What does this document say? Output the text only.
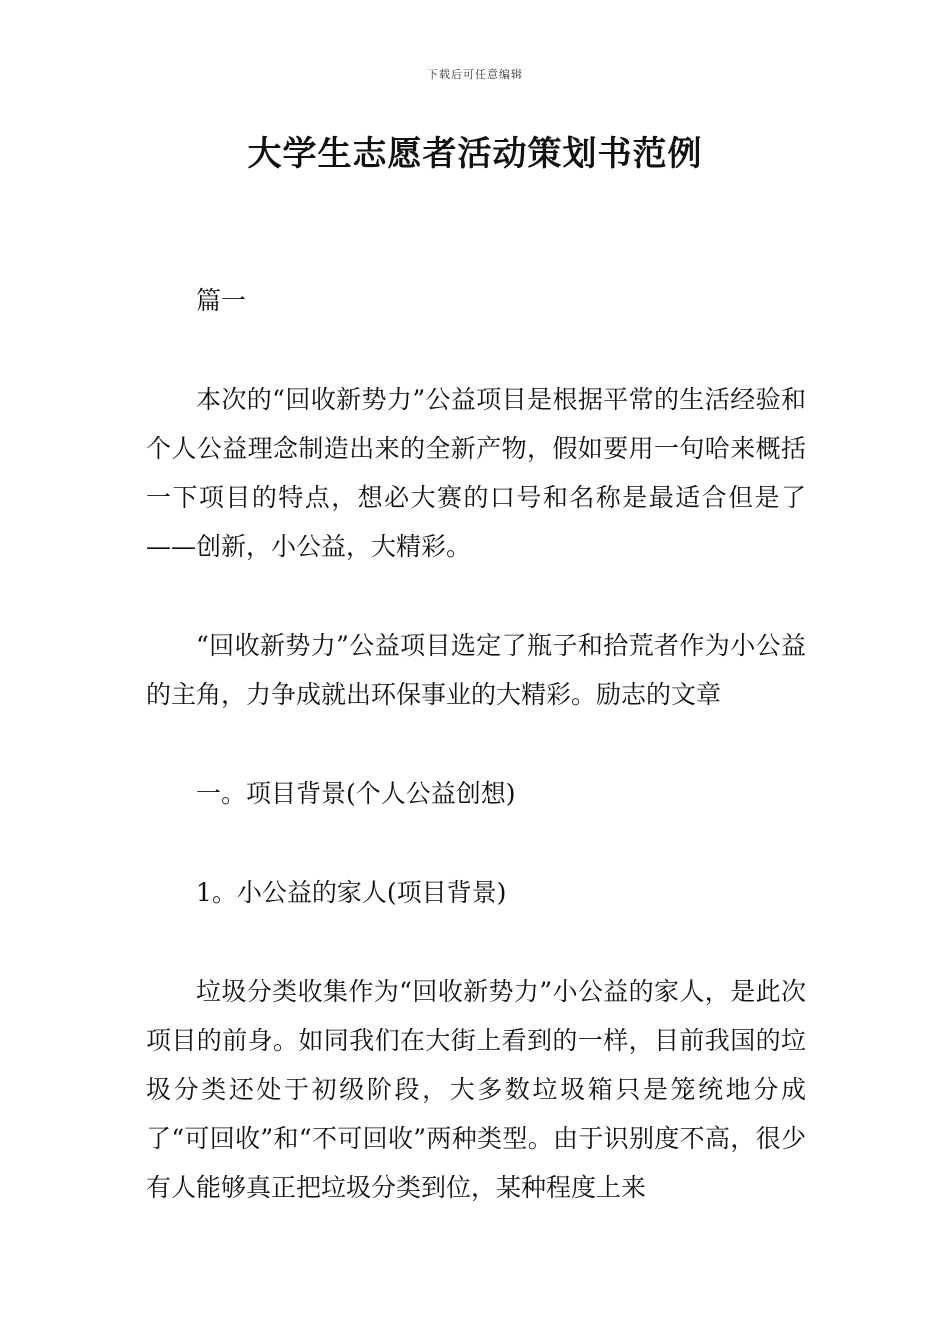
下载后可任意编辑
大学生志愿者活动策划书范例

篇一

本次的“回收新势力”公益项目是根据平常的生活经验和个人公益理念制造出来的全新产物，假如要用一句哈来概括一下项目的特点，想必大赛的口号和名称是最适合但是了——创新，小公益，大精彩。

“回收新势力”公益项目选定了瓶子和拾荒者作为小公益的主角，力争成就出环保事业的大精彩。励志的文章

一。项目背景(个人公益创想)

1。小公益的家人(项目背景)

垃圾分类收集作为“回收新势力”小公益的家人，是此次项目的前身。如同我们在大街上看到的一样，目前我国的垃圾分类还处于初级阶段，大多数垃圾箱只是笼统地分成了“可回收”和“不可回收”两种类型。由于识别度不高，很少有人能够真正把垃圾分类到位，某种程度上来
